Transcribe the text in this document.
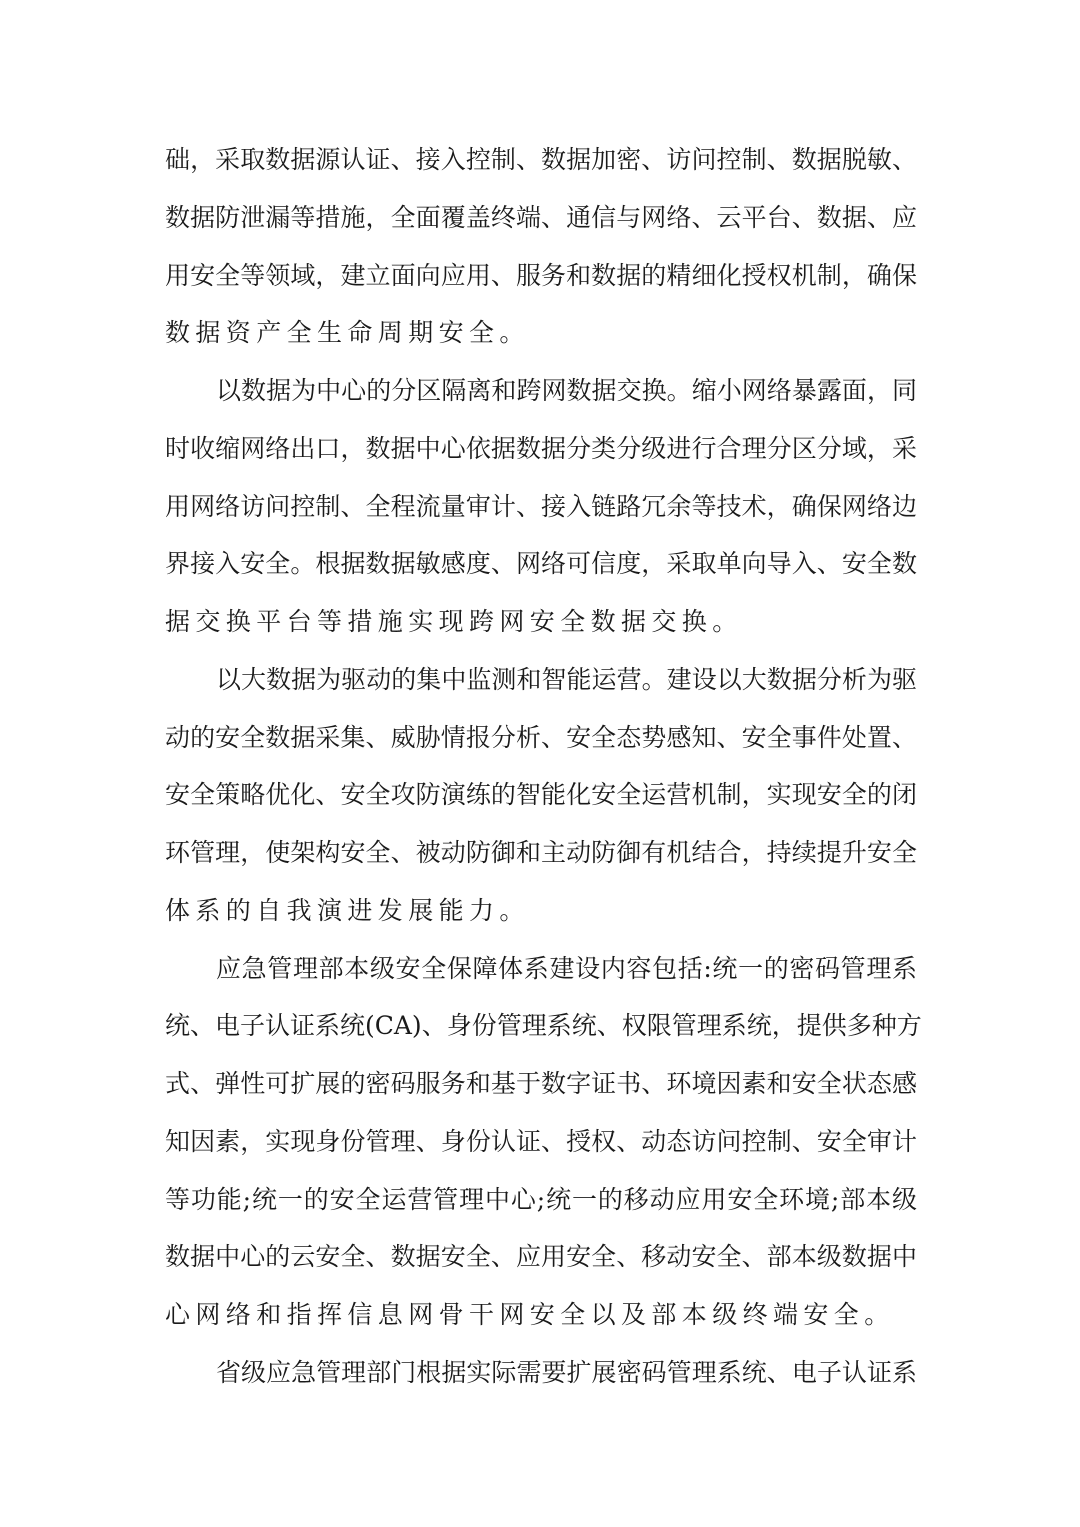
础，采取数据源认证、接入控制、数据加密、访问控制、数据脱敏、
数据防泄漏等措施，全面覆盖终端、通信与网络、云平台、数据、应
用安全等领域，建立面向应用、服务和数据的精细化授权机制，确保
数据资产全生命周期安全。
以数据为中心的分区隔离和跨网数据交换。缩小网络暴露面，同
时收缩网络出口，数据中心依据数据分类分级进行合理分区分域，采
用网络访问控制、全程流量审计、接入链路冗余等技术，确保网络边
界接入安全。根据数据敏感度、网络可信度，采取单向导入、安全数
据交换平台等措施实现跨网安全数据交换。
以大数据为驱动的集中监测和智能运营。建设以大数据分析为驱
动的安全数据采集、威胁情报分析、安全态势感知、安全事件处置、
安全策略优化、安全攻防演练的智能化安全运营机制，实现安全的闭
环管理，使架构安全、被动防御和主动防御有机结合，持续提升安全
体系的自我演进发展能力。
应急管理部本级安全保障体系建设内容包括:统一的密码管理系
统、电子认证系统(CA)、身份管理系统、权限管理系统，提供多种方
式、弹性可扩展的密码服务和基于数字证书、环境因素和安全状态感
知因素，实现身份管理、身份认证、授权、动态访问控制、安全审计
等功能;统一的安全运营管理中心;统一的移动应用安全环境;部本级
数据中心的云安全、数据安全、应用安全、移动安全、部本级数据中
心网络和指挥信息网骨干网安全以及部本级终端安全。
省级应急管理部门根据实际需要扩展密码管理系统、电子认证系
